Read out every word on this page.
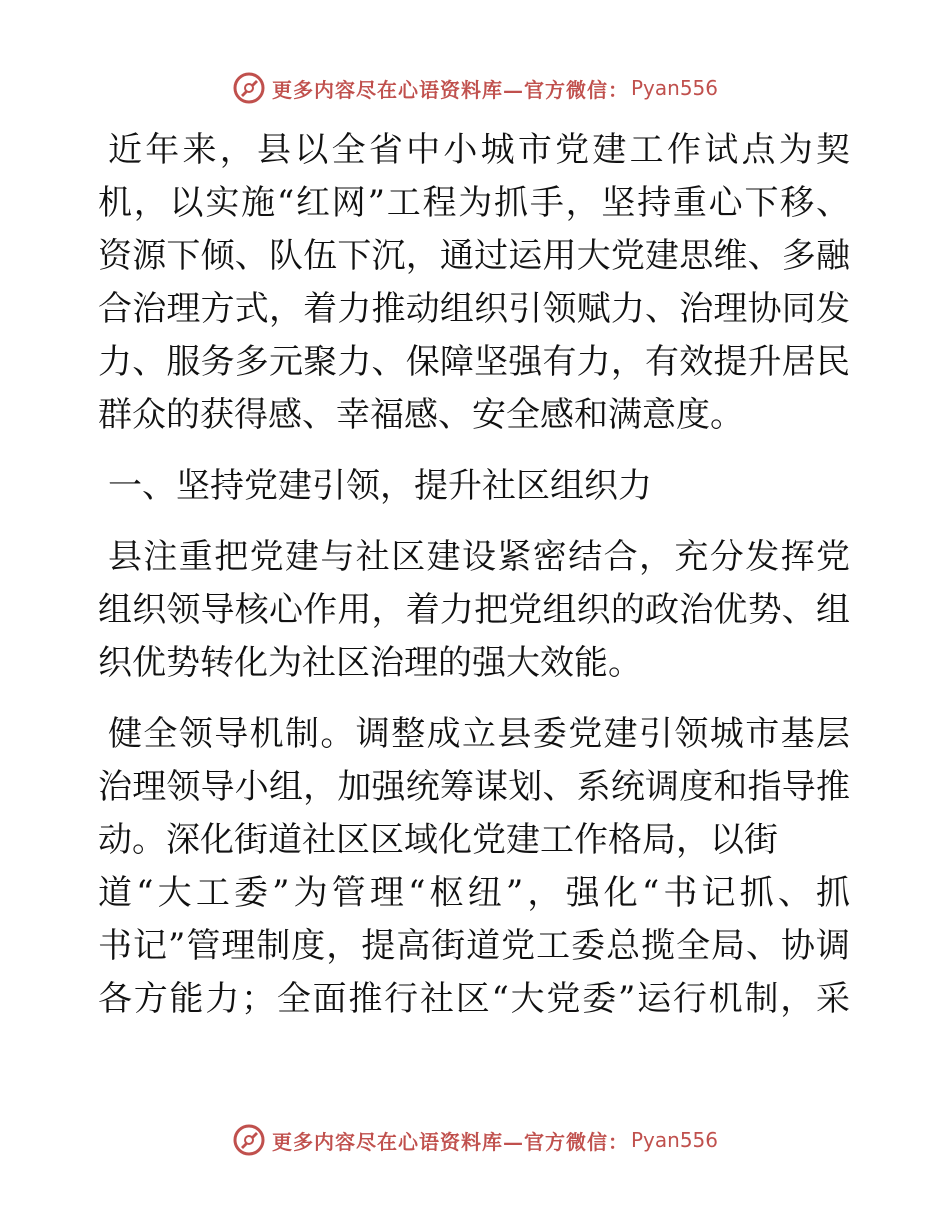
更多内容尽在心语资料库—官方微信： Pyan556
近年来，县以全省中小城市党建工作试点为契
机，以实施“红网”工程为抓手，坚持重心下移、
资源下倾、队伍下沉，通过运用大党建思维、多融
合治理方式，着力推动组织引领赋力、治理协同发
力、服务多元聚力、保障坚强有力，有效提升居民
群众的获得感、幸福感、安全感和满意度。
一、坚持党建引领，提升社区组织力
县注重把党建与社区建设紧密结合，充分发挥党
组织领导核心作用，着力把党组织的政治优势、组
织优势转化为社区治理的强大效能。
健全领导机制。调整成立县委党建引领城市基层
治理领导小组，加强统筹谋划、系统调度和指导推
动。深化街道社区区域化党建工作格局，以街
道“大工委”为管理“枢纽”，强化“书记抓、抓
书记”管理制度，提高街道党工委总揽全局、协调
各方能力；全面推行社区“大党委”运行机制，采
更多内容尽在心语资料库—官方微信： Pyan556
